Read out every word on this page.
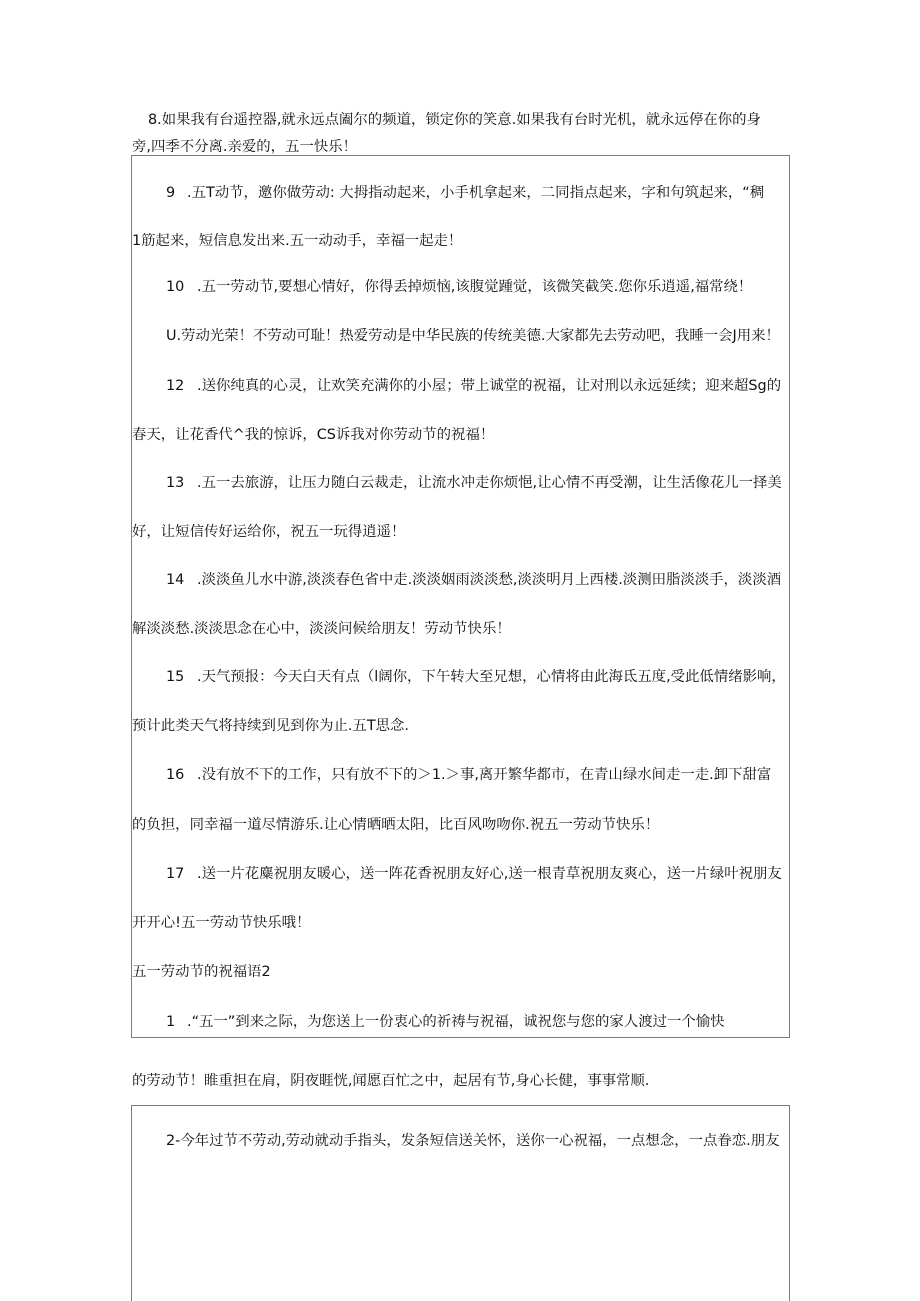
8.如果我有台遥控器,就永远点阖尔的频道，锁定你的笑意.如果我有台时光机，就永远停在你的身
旁,四季不分离.亲爱的，五一快乐！
9 .五T动节，邀你做劳动: 大拇指动起来，小手机拿起来，二同指点起来，字和句筑起来，“稠
1筋起来，短信息发出来.五一动动手，幸福一起走！
10 .五一劳动节,要想心情好，你得丢掉烦恼,该腹觉踵觉，该微笑截笑.您你乐逍遥,福常绕！
U.劳动光荣！不劳动可耻！热爱劳动是中华民族的传统美德.大家都先去劳动吧，我睡一会J用来！
12 .送你纯真的心灵，让欢笑充满你的小屋；带上诚堂的祝福，让对刑以永远延续；迎来超Sg的
春天，让花香代^我的惊诉，CS诉我对你劳动节的祝福！
13 .五一去旅游，让压力随白云裁走，让流水冲走你烦悒,让心情不再受潮，让生活像花儿一择美
好，让短信传好运给你，祝五一玩得逍遥！
14 .淡淡鱼儿水中游,淡淡春色省中走.淡淡姻雨淡淡愁,淡淡明月上西楼.淡测田脂淡淡手，淡淡酒
解淡淡愁.淡淡思念在心中，淡淡问候给朋友！劳动节快乐！
15 .天气预报：今天白天有点（l阔你，下午转大至兄想，心情将由此海氐五度,受此低情绪影响，
预计此类天气将持续到见到你为止.五T思念.
16 .没有放不下的工作，只有放不下的＞1.＞事,离开繁华都市，在青山绿水间走一走.卸下甜富
的负担，同幸福一道尽情游乐.让心情晒晒太阳，比百风吻吻你.祝五一劳动节快乐！
17 .送一片花麋祝朋友暖心，送一阵花香祝朋友好心,送一根青草祝朋友爽心，送一片绿叶祝朋友
开开心!五一劳动节快乐哦！
五一劳动节的祝福语2
1 .“五一”到来之际，为您送上一份衷心的祈祷与祝福，诚祝您与您的家人渡过一个愉快
的劳动节！睢重担在肩，阴夜睚恍,闻愿百忙之中，起居有节,身心长健，事事常顺.
2-今年过节不劳动,劳动就动手指头，发条短信送关怀，送你一心祝福，一点想念，一点眷恋.朋友
